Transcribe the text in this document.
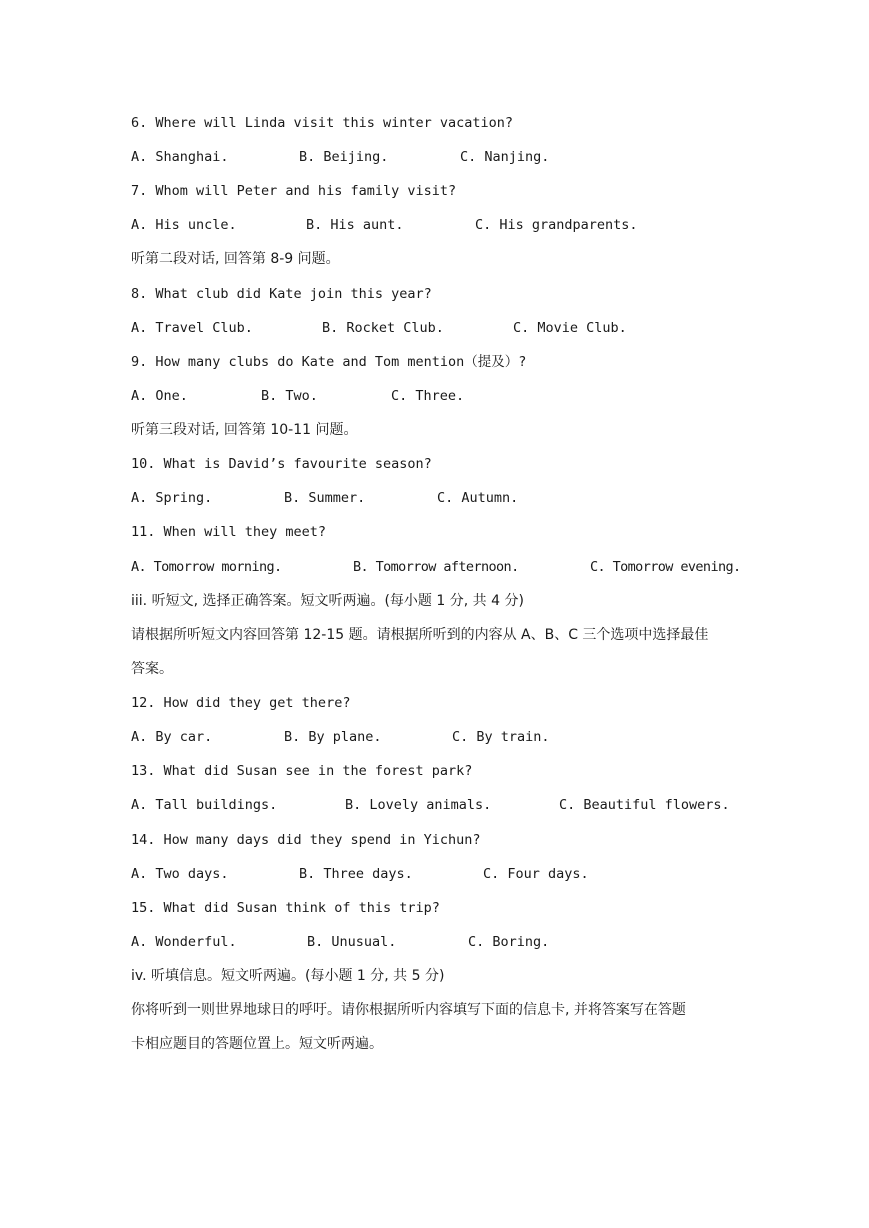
6. Where will Linda visit this winter vacation?

A. Shanghai.

	B. Beijing.

	C. Nanjing.

7. Whom will Peter and his family visit?

A. His uncle.

	B. His aunt.

	C. His grandparents.

听第二段对话, 回答第 8-9 问题。
8. What club did Kate join this year?

A. Travel Club.

	B. Rocket Club.

	C. Movie Club.

9. How many clubs do Kate and Tom mention（提及）?

A. One.

	B. Two.

	C. Three.

听第三段对话, 回答第 10-11 问题。
10. What is David’s favourite season?

A. Spring.

	B. Summer.

	C. Autumn.

11. When will they meet?

A. Tomorrow morning.

	B. Tomorrow afternoon.

	C. Tomorrow evening.

iii. 听短文, 选择正确答案。短文听两遍。(每小题 1 分, 共 4 分)
请根据所听短文内容回答第 12-15 题。请根据所听到的内容从 A、B、C 三个选项中选择最佳
答案。
12. How did they get there?

A. By car.

	B. By plane.

	C. By train.

13. What did Susan see in the forest park?

A. Tall buildings.

	B. Lovely animals.

	C. Beautiful flowers.

14. How many days did they spend in Yichun?

A. Two days.

	B. Three days.

	C. Four days.

15. What did Susan think of this trip?

A. Wonderful.

	B. Unusual.

	C. Boring.

iv. 听填信息。短文听两遍。(每小题 1 分, 共 5 分)
你将听到一则世界地球日的呼吁。请你根据所听内容填写下面的信息卡, 并将答案写在答题
卡相应题目的答题位置上。短文听两遍。
